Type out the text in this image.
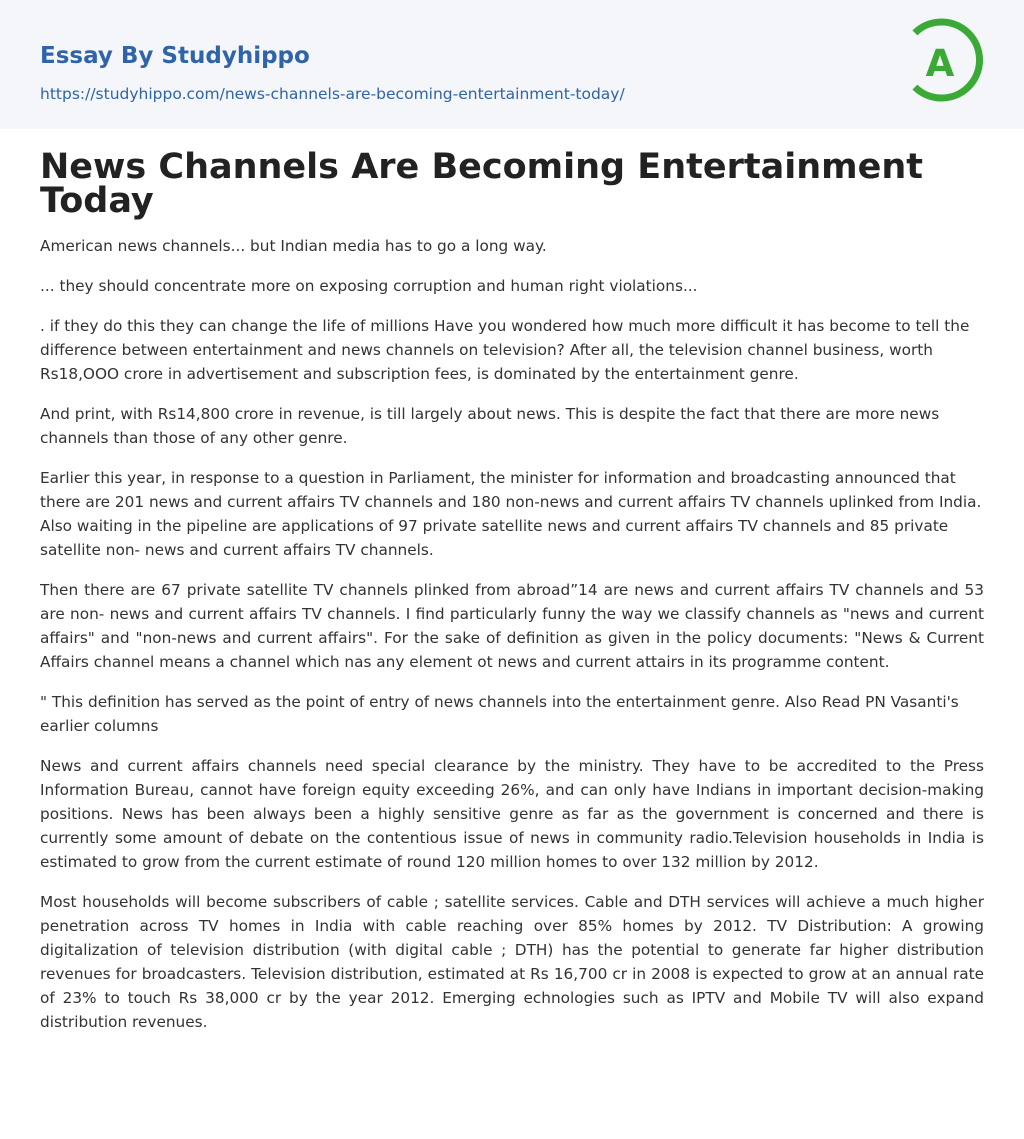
Essay By Studyhippo
https://studyhippo.com/news-channels-are-becoming-entertainment-today/
A
News Channels Are Becoming Entertainment Today

American news channels... but Indian media has to go a long way.

... they should concentrate more on exposing corruption and human right violations...

. if they do this they can change the life of millions Have you wondered how much more difficult it has become to tell the difference between entertainment and news channels on television? After all, the television channel business, worth Rs18,OOO crore in advertisement and subscription fees, is dominated by the entertainment genre.

And print, with Rs14,800 crore in revenue, is till largely about news. This is despite the fact that there are more news channels than those of any other genre.

Earlier this year, in response to a question in Parliament, the minister for information and broadcasting announced that there are 201 news and current affairs TV channels and 180 non-news and current affairs TV channels uplinked from India. Also waiting in the pipeline are applications of 97 private satellite news and current affairs TV channels and 85 private satellite non- news and current affairs TV channels.

Then there are 67 private satellite TV channels plinked from abroad”14 are news and current affairs TV channels and 53 are non- news and current affairs TV channels. I find particularly funny the way we classify channels as "news and current affairs" and "non-news and current affairs". For the sake of definition as given in the policy documents: "News & Current Affairs channel means a channel which nas any element ot news and current attairs in its programme content.

" This definition has served as the point of entry of news channels into the entertainment genre. Also Read PN Vasanti's earlier columns

News and current affairs channels need special clearance by the ministry. They have to be accredited to the Press Information Bureau, cannot have foreign equity exceeding 26%, and can only have Indians in important decision-making positions. News has been always been a highly sensitive genre as far as the government is concerned and there is currently some amount of debate on the contentious issue of news in community radio.Television households in India is estimated to grow from the current estimate of round 120 million homes to over 132 million by 2012.

Most households will become subscribers of cable ; satellite services. Cable and DTH services will achieve a much higher penetration across TV homes in India with cable reaching over 85% homes by 2012. TV Distribution: A growing digitalization of television distribution (with digital cable ; DTH) has the potential to generate far higher distribution revenues for broadcasters. Television distribution, estimated at Rs 16,700 cr in 2008 is expected to grow at an annual rate of 23% to touch Rs 38,000 cr by the year 2012. Emerging echnologies such as IPTV and Mobile TV will also expand distribution revenues.
